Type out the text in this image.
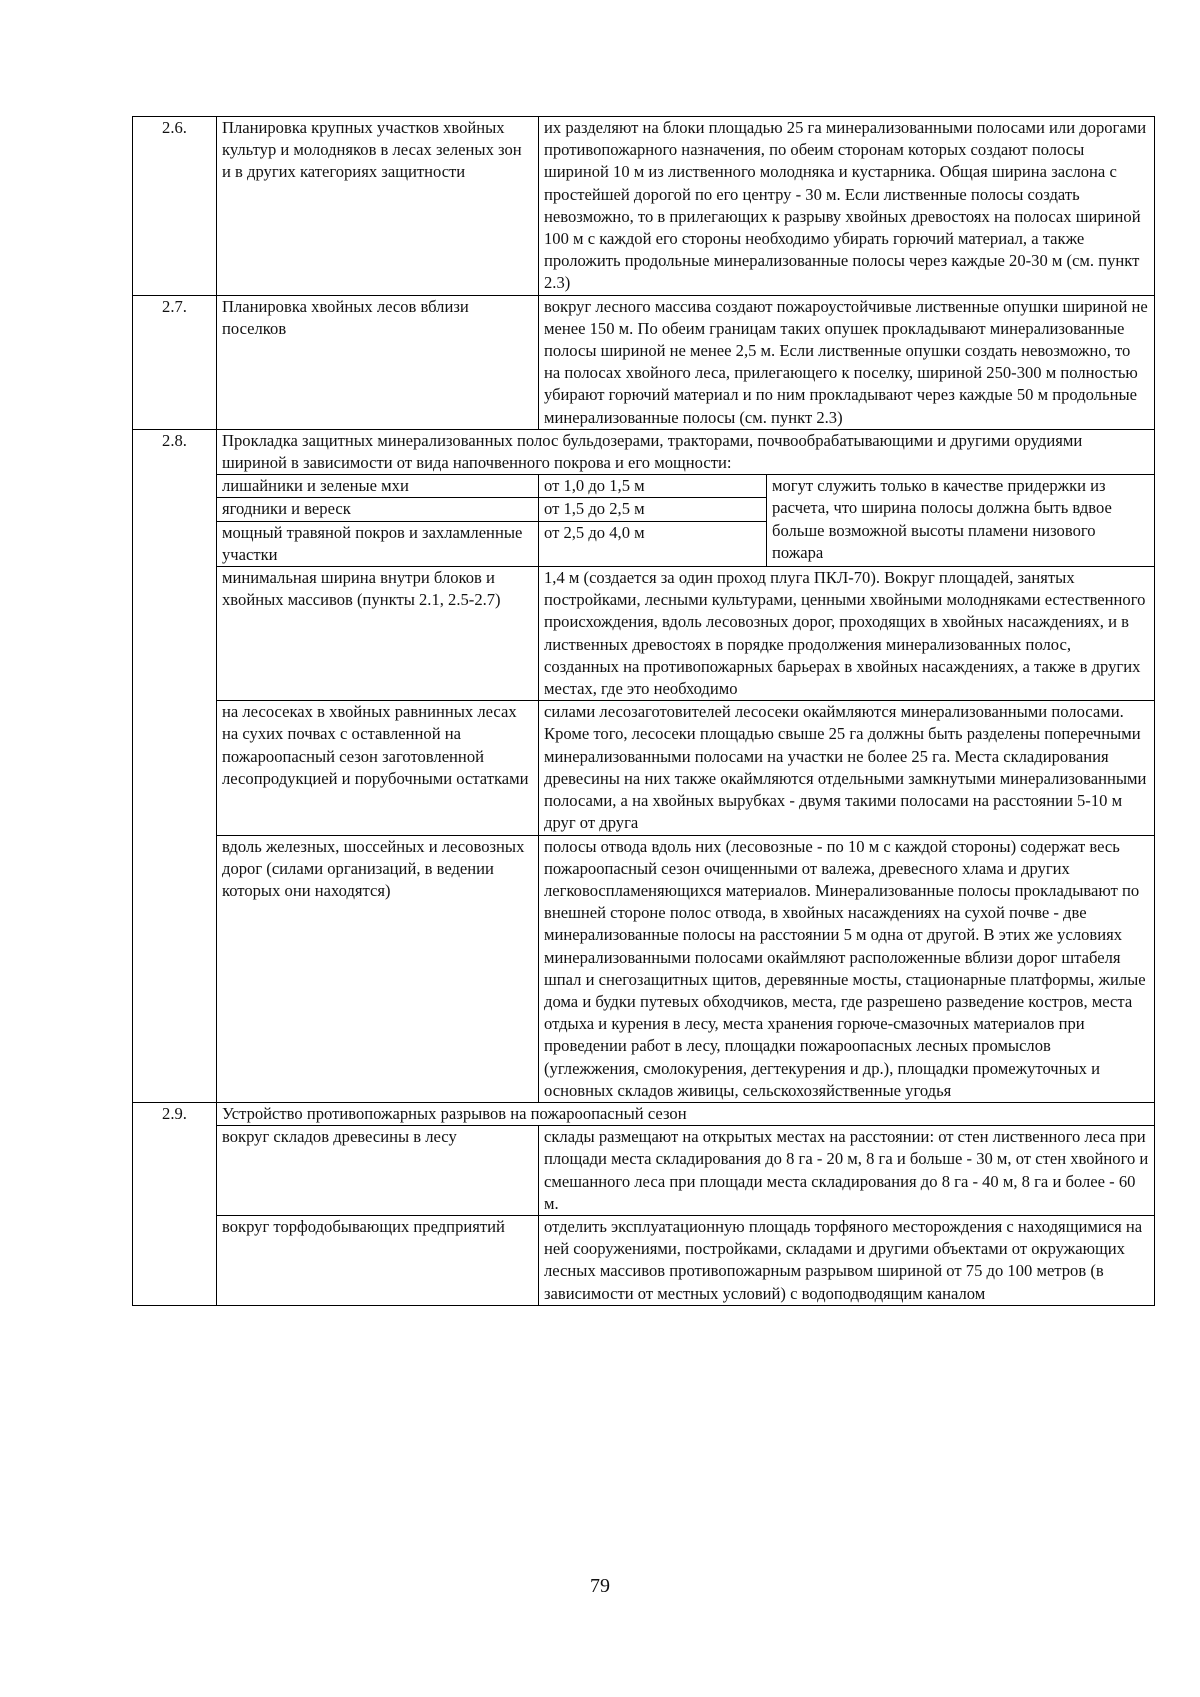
2.6.	Планировка крупных участков хвойных культур и молодняков в лесах зеленых зон и в других категориях защитности	их разделяют на блоки площадью 25 га минерализованными полосами или дорогами противопожарного назначения, по обеим сторонам которых создают полосы шириной 10 м из лиственного молодняка и кустарника. Общая ширина заслона с простейшей дорогой по его центру - 30 м. Если лиственные полосы создать невозможно, то в прилегающих к разрыву хвойных древостоях на полосах шириной 100 м с каждой его стороны необходимо убирать горючий материал, а также проложить продольные минерализованные полосы через каждые 20-30 м (см. пункт 2.3)	
2.7.	Планировка хвойных лесов вблизи поселков	вокруг лесного массива создают пожароустойчивые лиственные опушки шириной не менее 150 м. По обеим границам таких опушек прокладывают минерализованные полосы шириной не менее 2,5 м. Если лиственные опушки создать невозможно, то на полосах хвойного леса, прилегающего к поселку, шириной 250-300 м полностью убирают горючий материал и по ним прокладывают через каждые 50 м продольные минерализованные полосы (см. пункт 2.3)	
2.8.	Прокладка защитных минерализованных полос бульдозерами, тракторами, почвообрабатывающими и другими орудиями шириной в зависимости от вида напочвенного покрова и его мощности:		
	лишайники и зеленые мхи	от 1,0 до 1,5 м	могут служить только в качестве придержки из расчета, что ширина полосы должна быть вдвое больше возможной высоты пламени низового пожара
	ягодники и вереск	от 1,5 до 2,5 м	
	мощный травяной покров и захламленные участки	от 2,5 до 4,0 м	
	минимальная ширина внутри блоков и хвойных массивов (пункты 2.1, 2.5-2.7)	1,4 м (создается за один проход плуга ПКЛ-70). Вокруг площадей, занятых постройками, лесными культурами, ценными хвойными молодняками естественного происхождения, вдоль лесовозных дорог, проходящих в хвойных насаждениях, и в лиственных древостоях в порядке продолжения минерализованных полос, созданных на противопожарных барьерах в хвойных насаждениях, а также в других местах, где это необходимо	
	на лесосеках в хвойных равнинных лесах на сухих почвах с оставленной на пожароопасный сезон заготовленной лесопродукцией и порубочными остатками	силами лесозаготовителей лесосеки окаймляются минерализованными полосами. Кроме того, лесосеки площадью свыше 25 га должны быть разделены поперечными минерализованными полосами на участки не более 25 га. Места складирования древесины на них также окаймляются отдельными замкнутыми минерализованными полосами, а на хвойных вырубках - двумя такими полосами на расстоянии 5-10 м друг от друга	
	вдоль железных, шоссейных и лесовозных дорог (силами организаций, в ведении которых они находятся)	полосы отвода вдоль них (лесовозные - по 10 м с каждой стороны) содержат весь пожароопасный сезон очищенными от валежа, древесного хлама и других легковоспламеняющихся материалов. Минерализованные полосы прокладывают по внешней стороне полос отвода, в хвойных насаждениях на сухой почве - две минерализованные полосы на расстоянии 5 м одна от другой. В этих же условиях минерализованными полосами окаймляют расположенные вблизи дорог штабеля шпал и снегозащитных щитов, деревянные мосты, стационарные платформы, жилые дома и будки путевых обходчиков, места, где разрешено разведение костров, места отдыха и курения в лесу, места хранения горюче-смазочных материалов при проведении работ в лесу, площадки пожароопасных лесных промыслов (углежжения, смолокурения, дегтекурения и др.), площадки промежуточных и основных складов живицы, сельскохозяйственные угодья	
2.9.	Устройство противопожарных разрывов на пожароопасный сезон		
	вокруг складов древесины в лесу	склады размещают на открытых местах на расстоянии: от стен лиственного леса при площади места складирования до 8 га - 20 м, 8 га и больше - 30 м, от стен хвойного и смешанного леса при площади места складирования до 8 га - 40 м, 8 га и более - 60 м.	
	вокруг торфодобывающих предприятий	отделить эксплуатационную площадь торфяного месторождения с находящимися на ней сооружениями, постройками, складами и другими объектами от окружающих лесных массивов противопожарным разрывом шириной от 75 до 100 метров (в зависимости от местных условий) с водоподводящим каналом	
79
